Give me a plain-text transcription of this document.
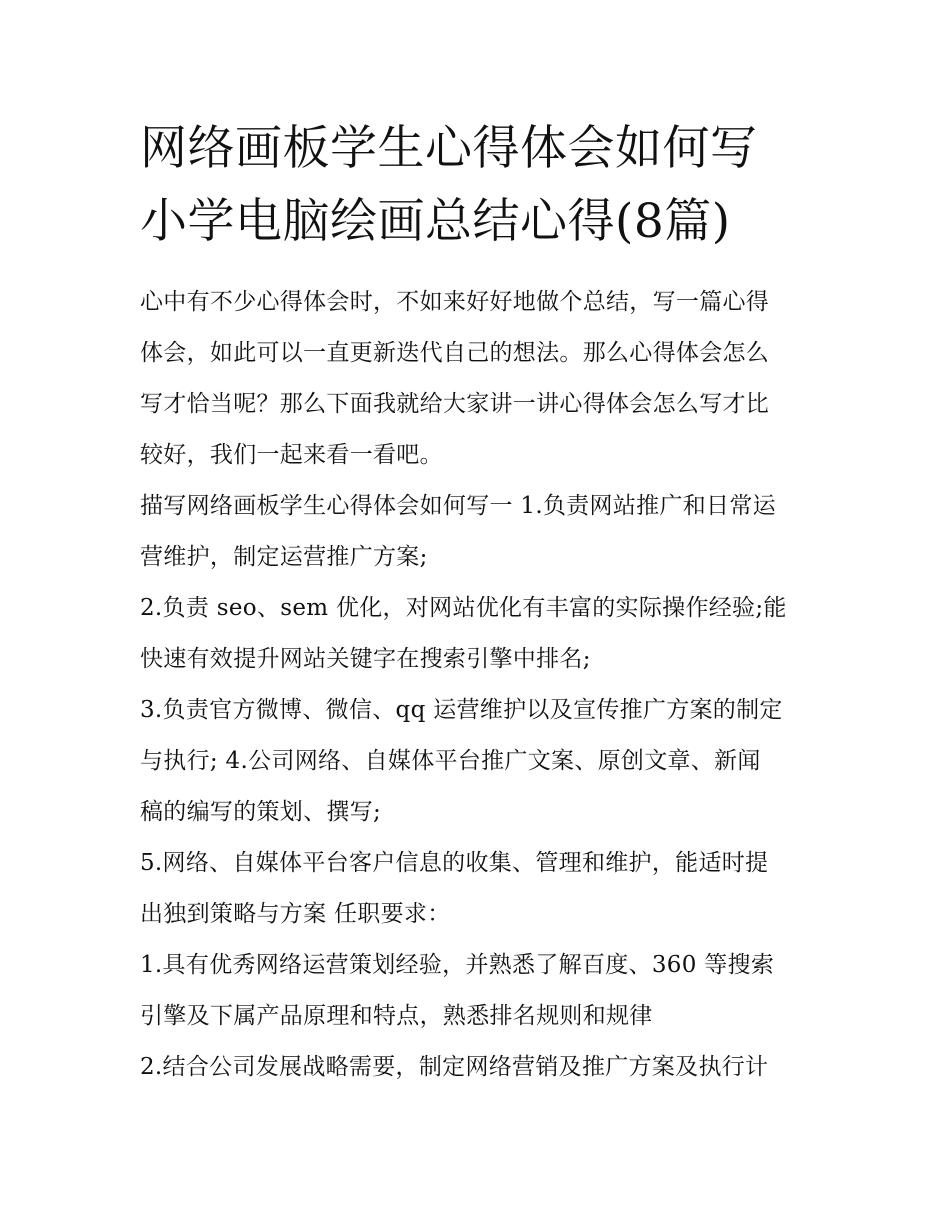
网络画板学生心得体会如何写
小学电脑绘画总结心得(8篇)
心中有不少心得体会时，不如来好好地做个总结，写一篇心得
体会，如此可以一直更新迭代自己的想法。那么心得体会怎么
写才恰当呢？那么下面我就给大家讲一讲心得体会怎么写才比
较好，我们一起来看一看吧。
描写网络画板学生心得体会如何写一 1.负责网站推广和日常运
营维护，制定运营推广方案;
2.负责 seo、sem 优化，对网站优化有丰富的实际操作经验;能
快速有效提升网站关键字在搜索引擎中排名;
3.负责官方微博、微信、qq 运营维护以及宣传推广方案的制定
与执行; 4.公司网络、自媒体平台推广文案、原创文章、新闻
稿的编写的策划、撰写;
5.网络、自媒体平台客户信息的收集、管理和维护，能适时提
出独到策略与方案 任职要求：
1.具有优秀网络运营策划经验，并熟悉了解百度、360 等搜索
引擎及下属产品原理和特点，熟悉排名规则和规律
2.结合公司发展战略需要，制定网络营销及推广方案及执行计
